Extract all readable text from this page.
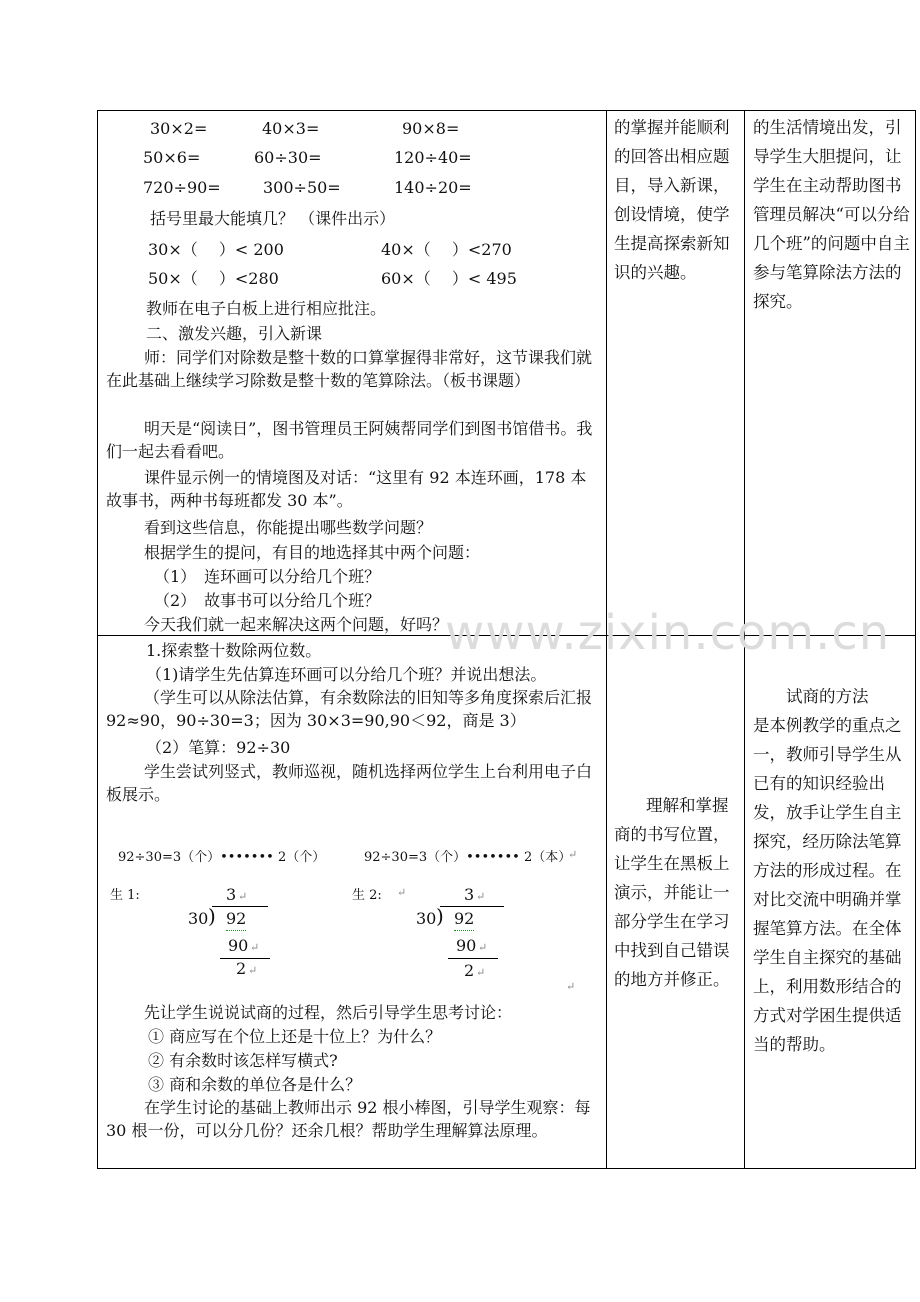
www.zixin.com.cn
30×2=	40×3=	90×8=
50×6=	60÷30=	120÷40=
720÷90=	300÷50=	140÷20=
括号里最大能填几？ （课件出示）
30×（　 ）< 200	40×（　 ）<270
50×（　 ）<280	60×（　 ）< 495
教师在电子白板上进行相应批注。
二、激发兴趣，引入新课
师：同学们对除数是整十数的口算掌握得非常好，这节课我们就在此基础上继续学习除数是整十数的笔算除法。（板书课题）
明天是“阅读日”，图书管理员王阿姨帮同学们到图书馆借书。我们一起去看看吧。
课件显示例一的情境图及对话：“这里有 92 本连环画，178 本故事书，两种书每班都发 30 本”。
看到这些信息，你能提出哪些数学问题？
根据学生的提问，有目的地选择其中两个问题：
（1）　连环画可以分给几个班？
（2）　故事书可以分给几个班？
今天我们就一起来解决这两个问题，好吗？
的掌握并能顺利的回答出相应题目，导入新课，创设情境，使学生提高探索新知识的兴趣。
的生活情境出发，引导学生大胆提问，让学生在主动帮助图书管理员解决“可以分给几个班”的问题中自主参与笔算除法方法的探究。
1.探索整十数除两位数。
（1)请学生先估算连环画可以分给几个班？并说出想法。
（学生可以从除法估算，有余数除法的旧知等多角度探索后汇报 92≈90，90÷30=3；因为 30×3=90,90＜92，商是 3）
（2）笔算：92÷30
学生尝试列竖式，教师巡视，随机选择两位学生上台利用电子白板展示。
92÷30=3（个）••••••• 2（个）	92÷30=3（个）••••••• 2（本）
↵
生 1:	3 ↵
30 ) 92
90 ↵
2 ↵
生 2: ↵	3 ↵
30 ) 92
90 ↵
2 ↵
↵
先让学生说说试商的过程，然后引导学生思考讨论：
① 商应写在个位上还是十位上？为什么？
② 有余数时该怎样写横式?
③ 商和余数的单位各是什么？
在学生讨论的基础上教师出示 92 根小棒图，引导学生观察：每 30 根一份，可以分几份？还余几根？帮助学生理解算法原理。
理解和掌握商的书写位置，让学生在黑板上演示，并能让一部分学生在学习中找到自己错误的地方并修正。
试商的方法
是本例教学的重点之一，教师引导学生从已有的知识经验出发，放手让学生自主探究，经历除法笔算方法的形成过程。在对比交流中明确并掌握笔算方法。在全体学生自主探究的基础上，利用数形结合的方式对学困生提供适当的帮助。
